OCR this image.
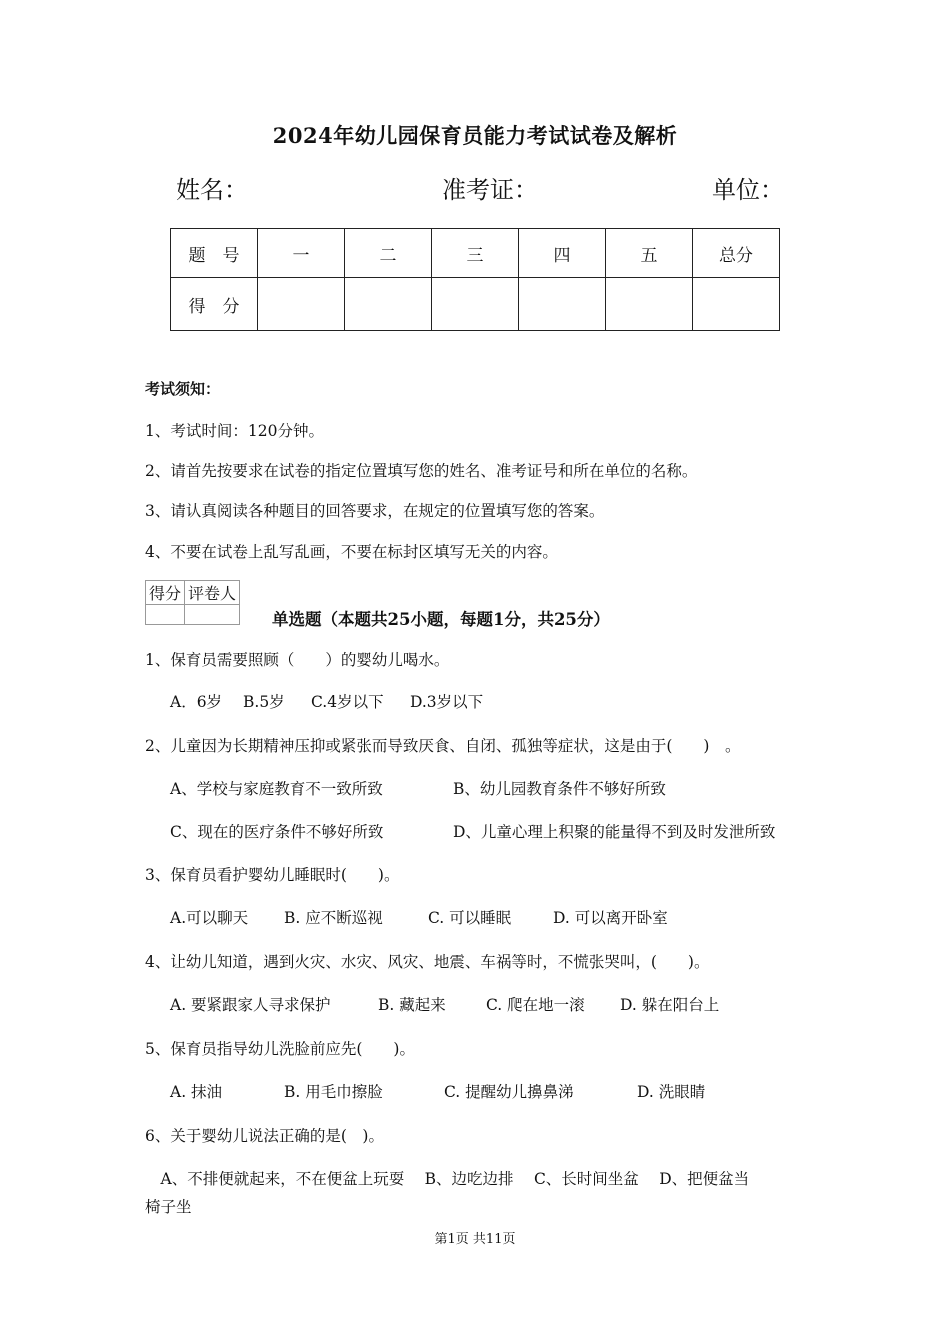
2024年幼儿园保育员能力考试试卷及解析
姓名：	准考证：	单位：
题　号	一	二	三	四	五	总分
得　分						
考试须知：
1、考试时间：120分钟。
2、请首先按要求在试卷的指定位置填写您的姓名、准考证号和所在单位的名称。
3、请认真阅读各种题目的回答要求，在规定的位置填写您的答案。
4、不要在试卷上乱写乱画，不要在标封区填写无关的内容。
得分	评卷人

单选题（本题共25小题，每题1分，共25分）
1、保育员需要照顾（　　）的婴幼儿喝水。
A．6岁 B.5岁 C.4岁以下 D.3岁以下
2、儿童因为长期精神压抑或紧张而导致厌食、自闭、孤独等症状，这是由于(　　)　。
A、学校与家庭教育不一致所致	B、幼儿园教育条件不够好所致
C、现在的医疗条件不够好所致	D、儿童心理上积聚的能量得不到及时发泄所致
3、保育员看护婴幼儿睡眠时(　　)。
A.可以聊天 B. 应不断巡视	C. 可以睡眠	D. 可以离开卧室
4、让幼儿知道，遇到火灾、水灾、风灾、地震、车祸等时，不慌张哭叫，(　　)。
A. 要紧跟家人寻求保护	B. 藏起来	C. 爬在地一滚 D. 躲在阳台上
5、保育员指导幼儿洗脸前应先(　　)。
A. 抹油	B. 用毛巾擦脸	C. 提醒幼儿擤鼻涕	D. 洗眼睛
6、关于婴幼儿说法正确的是(　)。
　A、不排便就起来，不在便盆上玩耍　 B、边吃边排　 C、长时间坐盆　 D、把便盆当
椅子坐
第1页 共11页
